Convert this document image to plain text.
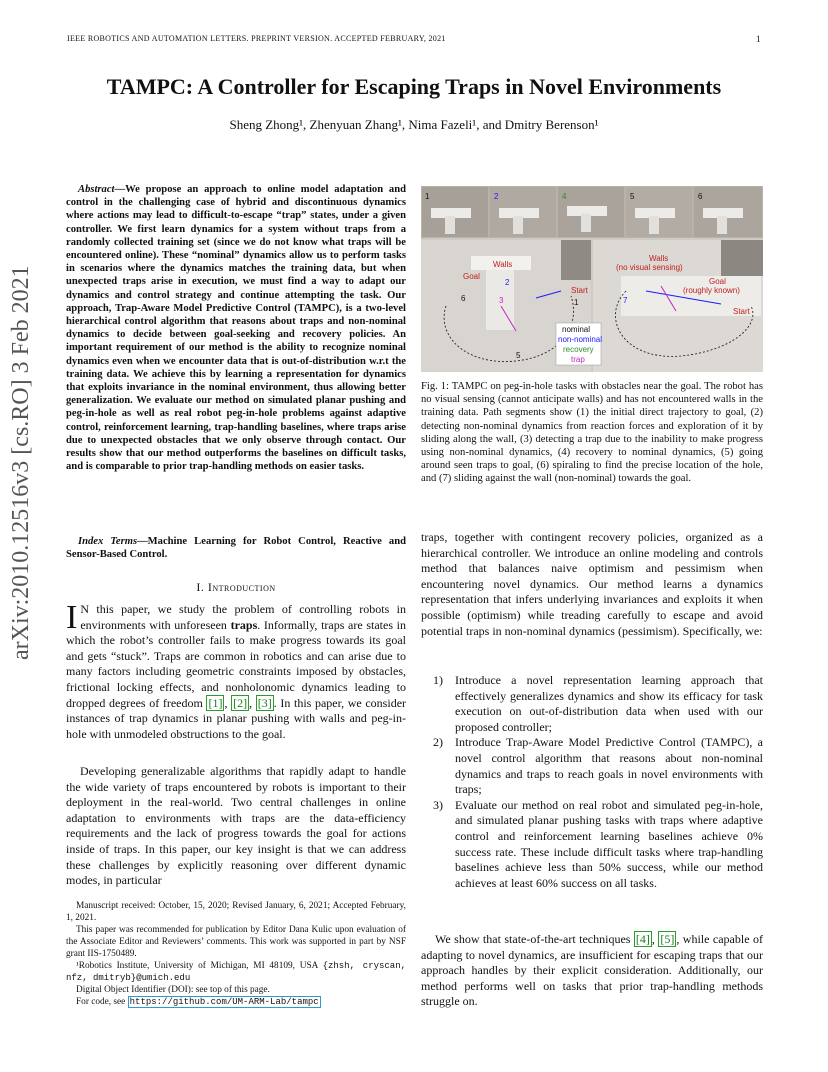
IEEE ROBOTICS AND AUTOMATION LETTERS. PREPRINT VERSION. ACCEPTED FEBRUARY, 2021	1
arXiv:2010.12516v3 [cs.RO] 3 Feb 2021
TAMPC: A Controller for Escaping Traps in Novel Environments
Sheng Zhong¹, Zhenyuan Zhang¹, Nima Fazeli¹, and Dmitry Berenson¹
Abstract—We propose an approach to online model adaptation and control in the challenging case of hybrid and discontinuous dynamics where actions may lead to difficult-to-escape “trap” states, under a given controller. We first learn dynamics for a system without traps from a randomly collected training set (since we do not know what traps will be encountered online). These “nominal” dynamics allow us to perform tasks in scenarios where the dynamics matches the training data, but when unexpected traps arise in execution, we must find a way to adapt our dynamics and control strategy and continue attempting the task. Our approach, Trap-Aware Model Predictive Control (TAMPC), is a two-level hierarchical control algorithm that reasons about traps and non-nominal dynamics to decide between goal-seeking and recovery policies. An important requirement of our method is the ability to recognize nominal dynamics even when we encounter data that is out-of-distribution w.r.t the training data. We achieve this by learning a representation for dynamics that exploits invariance in the nominal environment, thus allowing better generalization. We evaluate our method on simulated planar pushing and peg-in-hole as well as real robot peg-in-hole problems against adaptive control, reinforcement learning, trap-handling baselines, where traps arise due to unexpected obstacles that we only observe through contact. Our results show that our method outperforms the baselines on difficult tasks, and is comparable to prior trap-handling methods on easier tasks.
Index Terms—Machine Learning for Robot Control, Reactive and Sensor-Based Control.
I. Introduction
I N this paper, we study the problem of controlling robots in environments with unforeseen traps. Informally, traps are states in which the robot’s controller fails to make progress towards its goal and gets “stuck”. Traps are common in robotics and can arise due to many factors including geometric constraints imposed by obstacles, frictional locking effects, and nonholonomic dynamics leading to dropped degrees of freedom [1] , [2] , [3] . In this paper, we consider instances of trap dynamics in planar pushing with walls and peg-in-hole with unmodeled obstructions to the goal.
Developing generalizable algorithms that rapidly adapt to handle the wide variety of traps encountered by robots is important to their deployment in the real-world. Two central challenges in online adaptation to environments with traps are the data-efficiency requirements and the lack of progress towards the goal for actions inside of traps. In this paper, our key insight is that we can address these challenges by explicitly reasoning over different dynamic modes, in particular

Manuscript received: October, 15, 2020; Revised January, 6, 2021; Accepted February, 1, 2021.

This paper was recommended for publication by Editor Dana Kulic upon evaluation of the Associate Editor and Reviewers’ comments. This work was supported in part by NSF grant IIS-1750489.

¹Robotics Institute, University of Michigan, MI 48109, USA {zhsh, cryscan, nfz, dmitryb}@umich.edu

Digital Object Identifier (DOI): see top of this page.

For code, see https://github.com/UM-ARM-Lab/tampc

1	2	4	5	6
Walls
Goal
Start
Walls
(no visual sensing)
Goal
(roughly known)
Start
1
2
3
5
6	7
nominal
non-nominal
recovery
trap
Fig. 1: TAMPC on peg-in-hole tasks with obstacles near the goal. The robot has no visual sensing (cannot anticipate walls) and has not encountered walls in the training data. Path segments show (1) the initial direct trajectory to goal, (2) detecting non-nominal dynamics from reaction forces and exploration of it by sliding along the wall, (3) detecting a trap due to the inability to make progress using non-nominal dynamics, (4) recovery to nominal dynamics, (5) going around seen traps to goal, (6) spiraling to find the precise location of the hole, and (7) sliding against the wall (non-nominal) towards the goal.
traps, together with contingent recovery policies, organized as a hierarchical controller. We introduce an online modeling and controls method that balances naive optimism and pessimism when encountering novel dynamics. Our method learns a dynamics representation that infers underlying invariances and exploits it when possible (optimism) while treading carefully to escape and avoid potential traps in non-nominal dynamics (pessimism). Specifically, we:
1) Introduce a novel representation learning approach that effectively generalizes dynamics and show its efficacy for task execution on out-of-distribution data when used with our proposed controller;
2) Introduce Trap-Aware Model Predictive Control (TAMPC), a novel control algorithm that reasons about non-nominal dynamics and traps to reach goals in novel environments with traps;
3) Evaluate our method on real robot and simulated peg-in-hole, and simulated planar pushing tasks with traps where adaptive control and reinforcement learning baselines achieve 0% success rate. These include difficult tasks where trap-handling baselines achieve less than 50% success, while our method achieves at least 60% success on all tasks.
We show that state-of-the-art techniques [4] , [5] , while capable of adapting to novel dynamics, are insufficient for escaping traps that our approach handles by their explicit consideration. Additionally, our method performs well on tasks that prior trap-handling methods struggle on.
